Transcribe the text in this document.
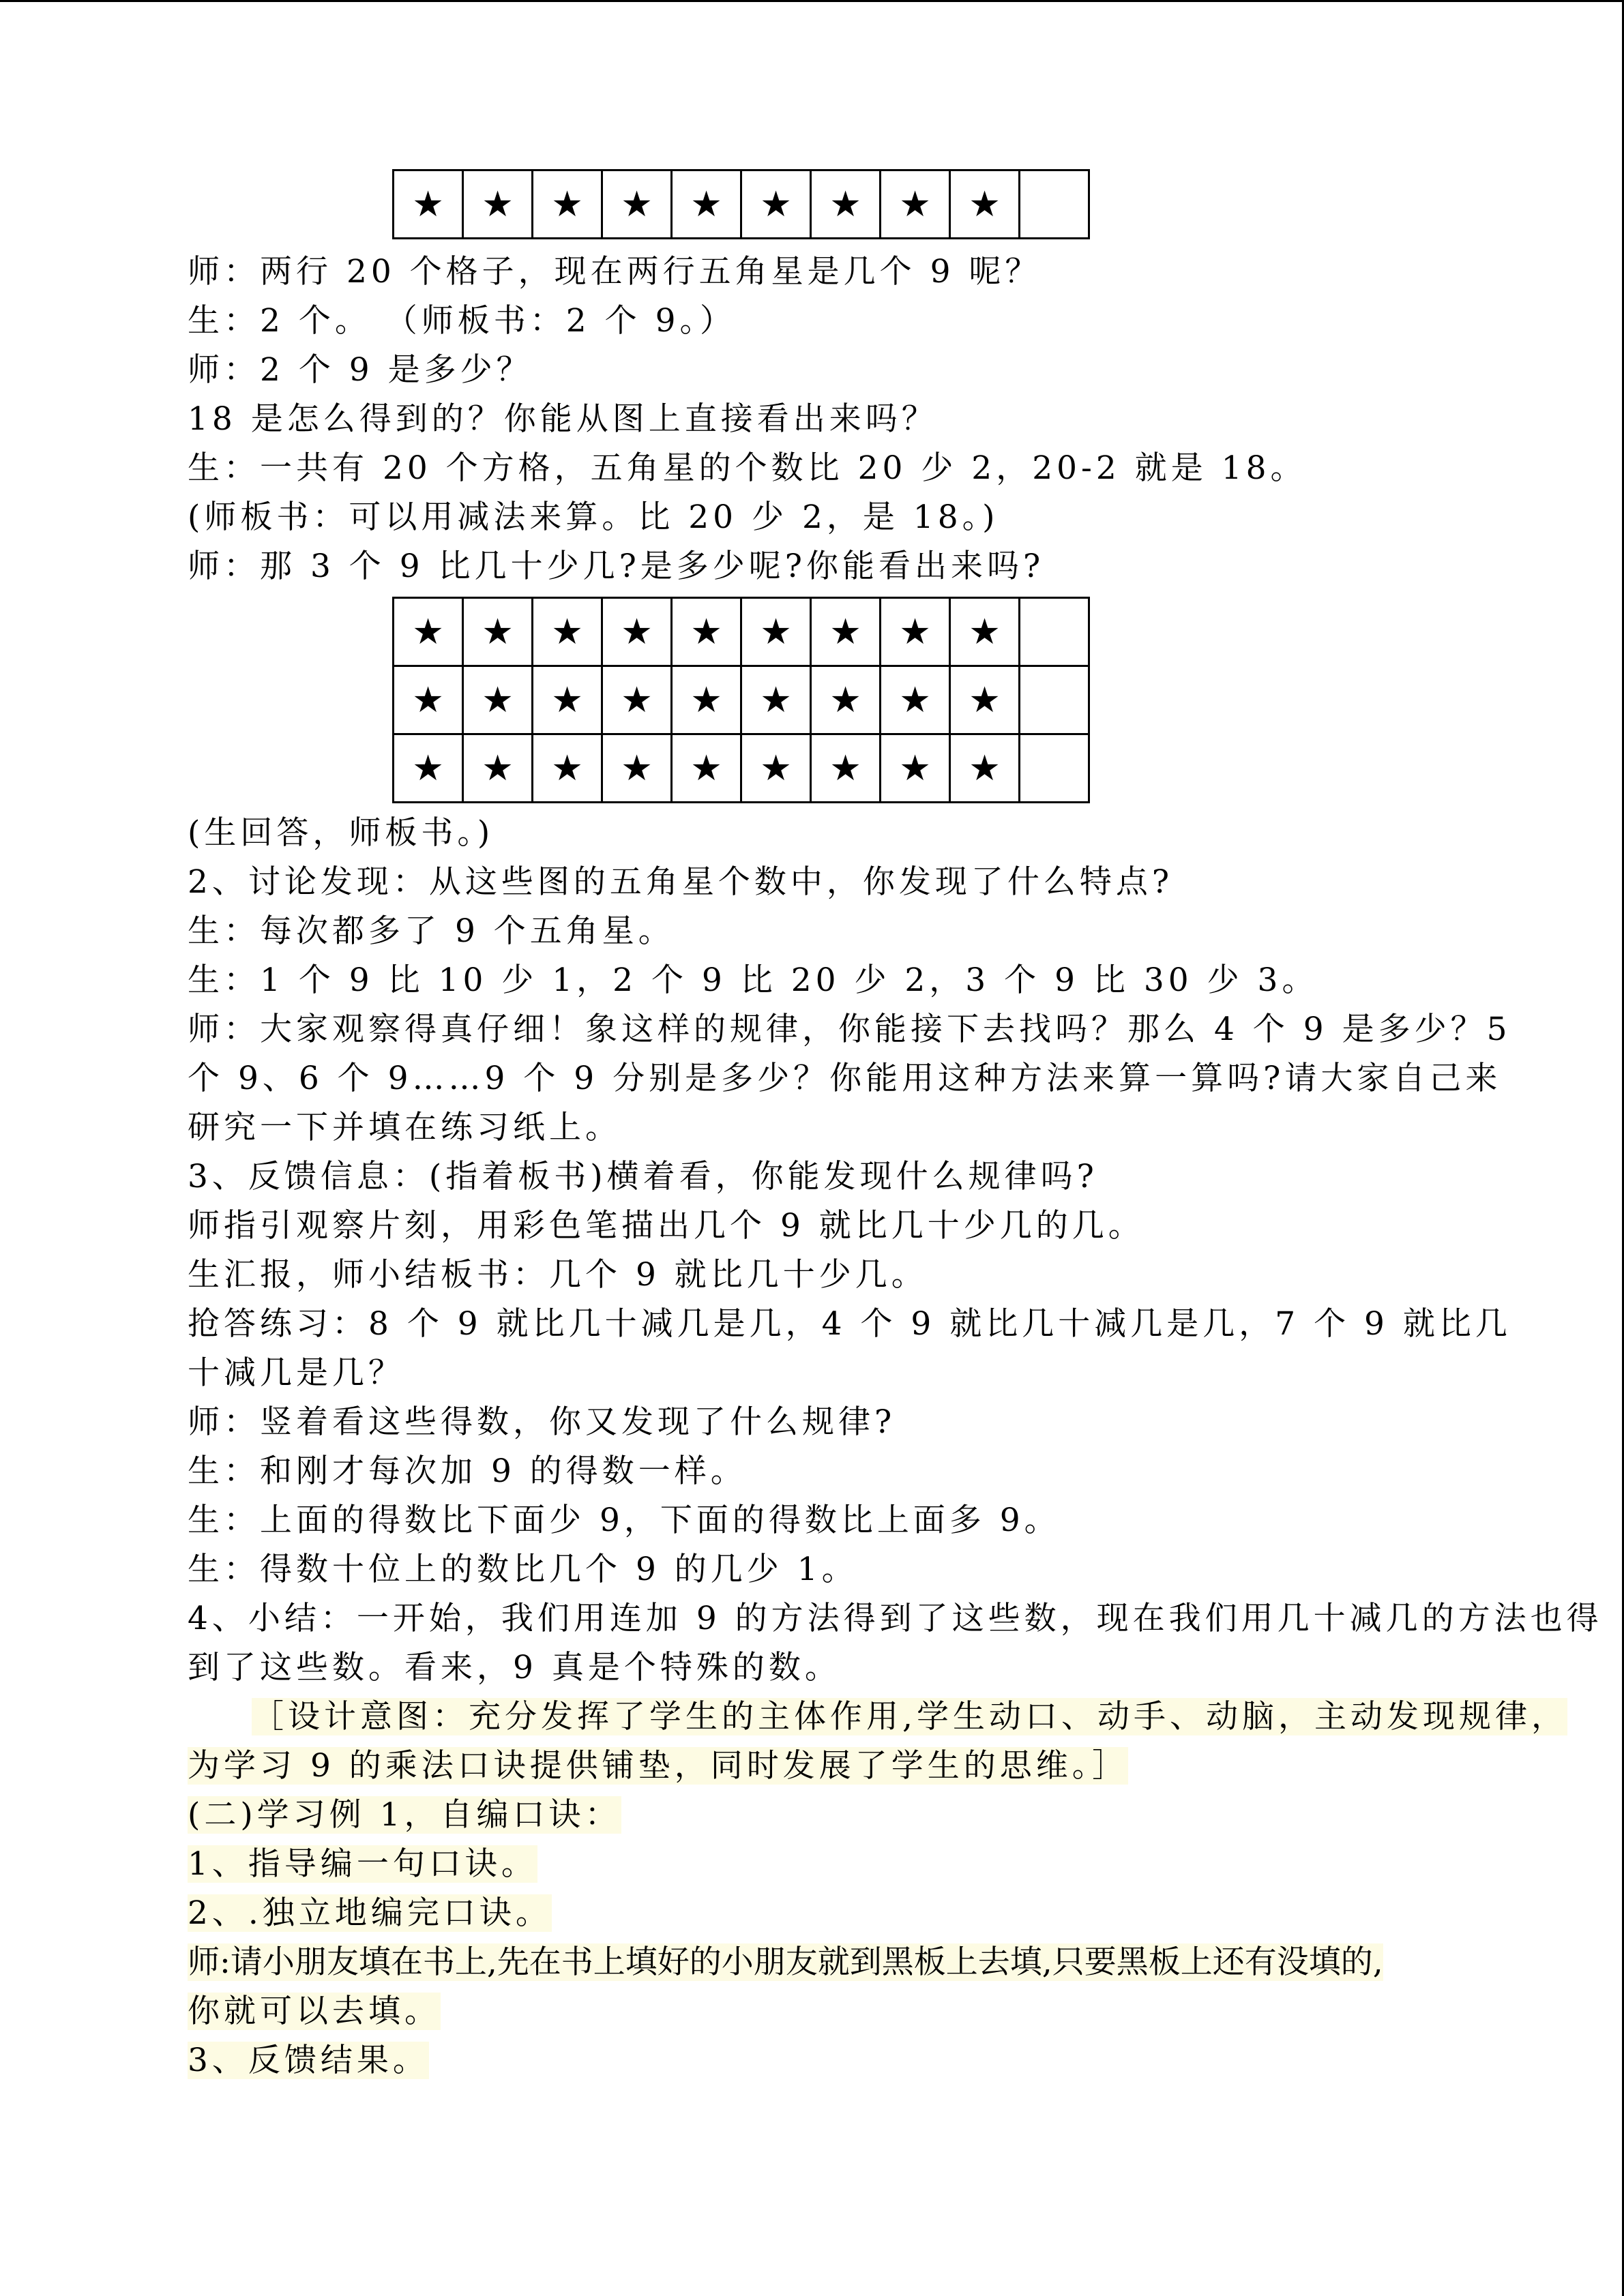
★	★	★	★	★	★	★	★	★	
师：两行 20 个格子，现在两行五角星是几个 9 呢？
生：2 个。 （师板书：2 个 9。）
师：2 个 9 是多少？
18 是怎么得到的？你能从图上直接看出来吗？
生：一共有 20 个方格，五角星的个数比 20 少 2，20-2 就是 18。
(师板书：可以用减法来算。比 20 少 2，是 18。)
师：那 3 个 9 比几十少几?是多少呢?你能看出来吗?
★	★	★	★	★	★	★	★	★	
★	★	★	★	★	★	★	★	★	
★	★	★	★	★	★	★	★	★	
(生回答，师板书。)
2、讨论发现：从这些图的五角星个数中，你发现了什么特点?
生：每次都多了 9 个五角星。
生：1 个 9 比 10 少 1，2 个 9 比 20 少 2，3 个 9 比 30 少 3。
师：大家观察得真仔细！象这样的规律，你能接下去找吗？那么 4 个 9 是多少？5
个 9、6 个 9……9 个 9 分别是多少？你能用这种方法来算一算吗?请大家自己来
研究一下并填在练习纸上。
3、反馈信息：(指着板书)横着看，你能发现什么规律吗?
师指引观察片刻，用彩色笔描出几个 9 就比几十少几的几。
生汇报，师小结板书：几个 9 就比几十少几。
抢答练习：8 个 9 就比几十减几是几，4 个 9 就比几十减几是几，7 个 9 就比几
十减几是几？
师：竖着看这些得数，你又发现了什么规律?
生：和刚才每次加 9 的得数一样。
生：上面的得数比下面少 9，下面的得数比上面多 9。
生：得数十位上的数比几个 9 的几少 1。
4、小结：一开始，我们用连加 9 的方法得到了这些数，现在我们用几十减几的方法也得
到了这些数。看来，9 真是个特殊的数。
［设计意图：充分发挥了学生的主体作用,学生动口、动手、动脑，主动发现规律，
为学习 9 的乘法口诀提供铺垫，同时发展了学生的思维。］
(二)学习例 1，自编口诀：
1、指导编一句口诀。
2、.独立地编完口诀。
师:请小朋友填在书上,先在书上填好的小朋友就到黑板上去填,只要黑板上还有没填的,
你就可以去填。
3、反馈结果。
